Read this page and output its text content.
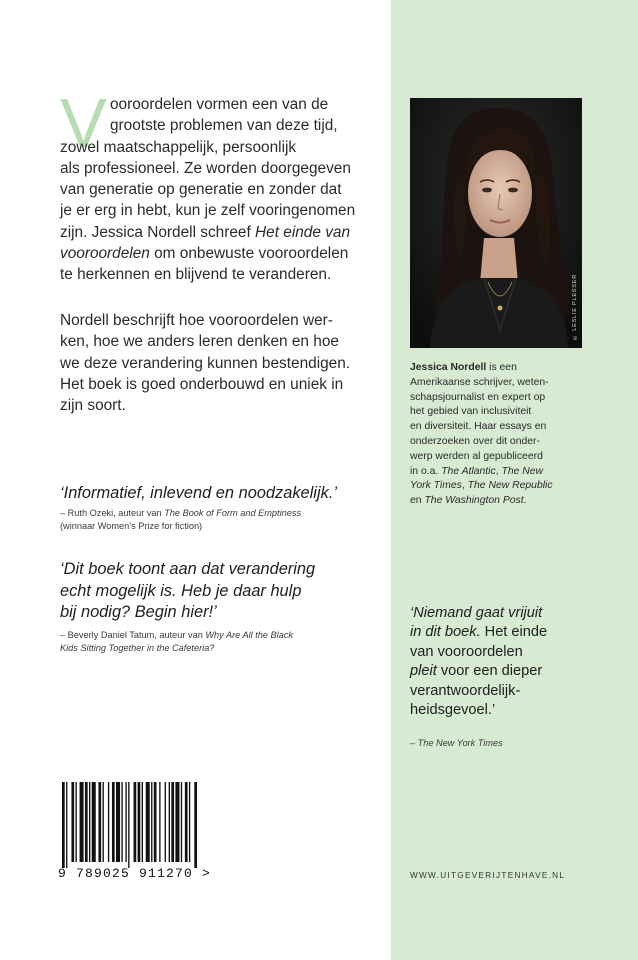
V ooroordelen vormen een van de
grootste problemen van deze tijd,
zowel maatschappelijk, persoonlijk
als professioneel. Ze worden doorgegeven
van generatie op generatie en zonder dat
je er erg in hebt, kun je zelf vooringenomen
zijn. Jessica Nordell schreef Het einde van
vooroordelen om onbewuste vooroordelen
te herkennen en blijvend te veranderen.
Nordell beschrijft hoe vooroordelen wer-
ken, hoe we anders leren denken en hoe
we deze verandering kunnen bestendigen.
Het boek is goed onderbouwd en uniek in
zijn soort.
‘Informatief, inlevend en noodzakelijk.’
– Ruth Ozeki, auteur van The Book of Form and Emptiness
(winnaar Women’s Prize for fiction)
‘Dit boek toont aan dat verandering
echt mogelijk is. Heb je daar hulp
bij nodig? Begin hier!’
– Beverly Daniel Tatum, auteur van Why Are All the Black
Kids Sitting Together in the Cafeteria?
9 789025 911270 >
© LESLIE PLESSER
Jessica Nordell is een
Amerikaanse schrijver, weten-
schapsjournalist en expert op
het gebied van inclusiviteit
en diversiteit. Haar essays en
onderzoeken over dit onder-
werp werden al gepubliceerd
in o.a. The Atlantic, The New
York Times, The New Republic
en The Washington Post.
‘Niemand gaat vrijuit
in dit boek. Het einde
van vooroordelen
pleit voor een dieper
verantwoordelijk-
heidsgevoel.’
– The New York Times
WWW.UITGEVERIJTENHAVE.NL
